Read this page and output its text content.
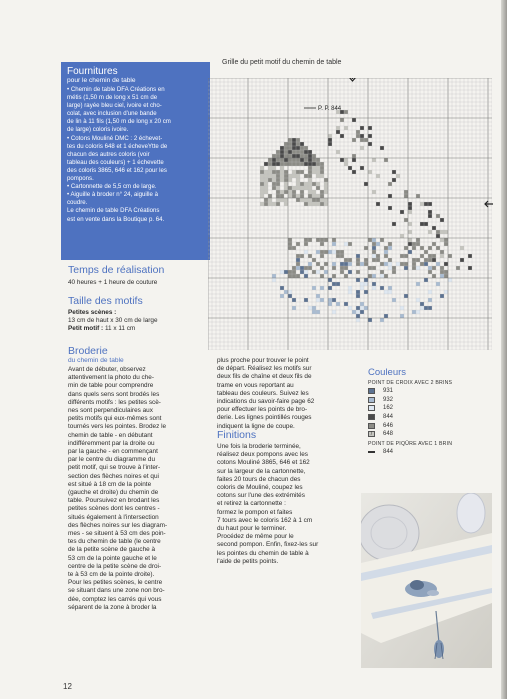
Fournitures
pour le chemin de table
• Chemin de table DFA Créations en
métis (1,50 m de long x 51 cm de
large) rayée bleu ciel, ivoire et cho-
colat, avec inclusion d'une bande
de lin à 11 fils (1,50 m de long x 20 cm
de large) coloris ivoire.
• Cotons Mouliné DMC : 2 échevet-
tes du coloris 648 et 1 écheveYtte de
chacun des autres coloris (voir
tableau des couleurs) + 1 échevette
des coloris 3865, 646 et 162 pour les
pompons.
• Cartonnette de 5,5 cm de large.
• Aiguille à broder n° 24, aiguille à
coudre.
Le chemin de table DFA Créations
est en vente dans la Boutique p. 64.
Temps de réalisation
40 heures + 1 heure de couture
Taille des motifs
Petites scènes :
13 cm de haut x 30 cm de large
Petit motif : 11 x 11 cm
Broderie
du chemin de table
Avant de débuter, observez
attentivement la photo du che-
min de table pour comprendre
dans quels sens sont brodés les
différents motifs : les petites scè-
nes sont perpendiculaires aux
petits motifs qui eux-mêmes sont
tournés vers les pointes. Brodez le
chemin de table - en débutant
indifféremment par la droite ou
par la gauche - en commençant
par le centre du diagramme du
petit motif, qui se trouve à l'inter-
section des flèches noires et qui
est situé à 18 cm de la pointe
(gauche et droite) du chemin de
table. Poursuivez en brodant les
petites scènes dont les centres -
situés également à l'intersection
des flèches noires sur les diagram-
mes - se situent à 53 cm des poin-
tes du chemin de table (le centre
de la petite scène de gauche à
53 cm de la pointe gauche et le
centre de la petite scène de droi-
te à 53 cm de la pointe droite).
Pour les petites scènes, le centre
se situant dans une zone non bro-
dée, comptez les carrés qui vous
séparent de la zone à broder la
plus proche pour trouver le point
de départ. Réalisez les motifs sur
deux fils de chaîne et deux fils de
trame en vous reportant au
tableau des couleurs. Suivez les
indications du savoir-faire page 62
pour effectuer les points de bro-
derie. Les lignes pointillés rouges
indiquent la ligne de coupe.
Finitions
Une fois la broderie terminée,
réalisez deux pompons avec les
cotons Mouliné 3865, 646 et 162
sur la largeur de la cartonnette,
faites 20 tours de chacun des
coloris de Mouliné, coupez les
cotons sur l'une des extrémités
et retirez la cartonnette :
formez le pompon et faites
7 tours avec le coloris 162 à 1 cm
du haut pour le terminer.
Procédez de même pour le
second pompon. Enfin, fixez-les sur
les pointes du chemin de table à
l'aide de petits points.
Grille du petit motif du chemin de table
P. P. 844
Couleurs
POINT DE CROIX AVEC 2 BRINS
931
932
162
844
646
/	648
POINT DE PIQÛRE AVEC 1 BRIN
844
12
